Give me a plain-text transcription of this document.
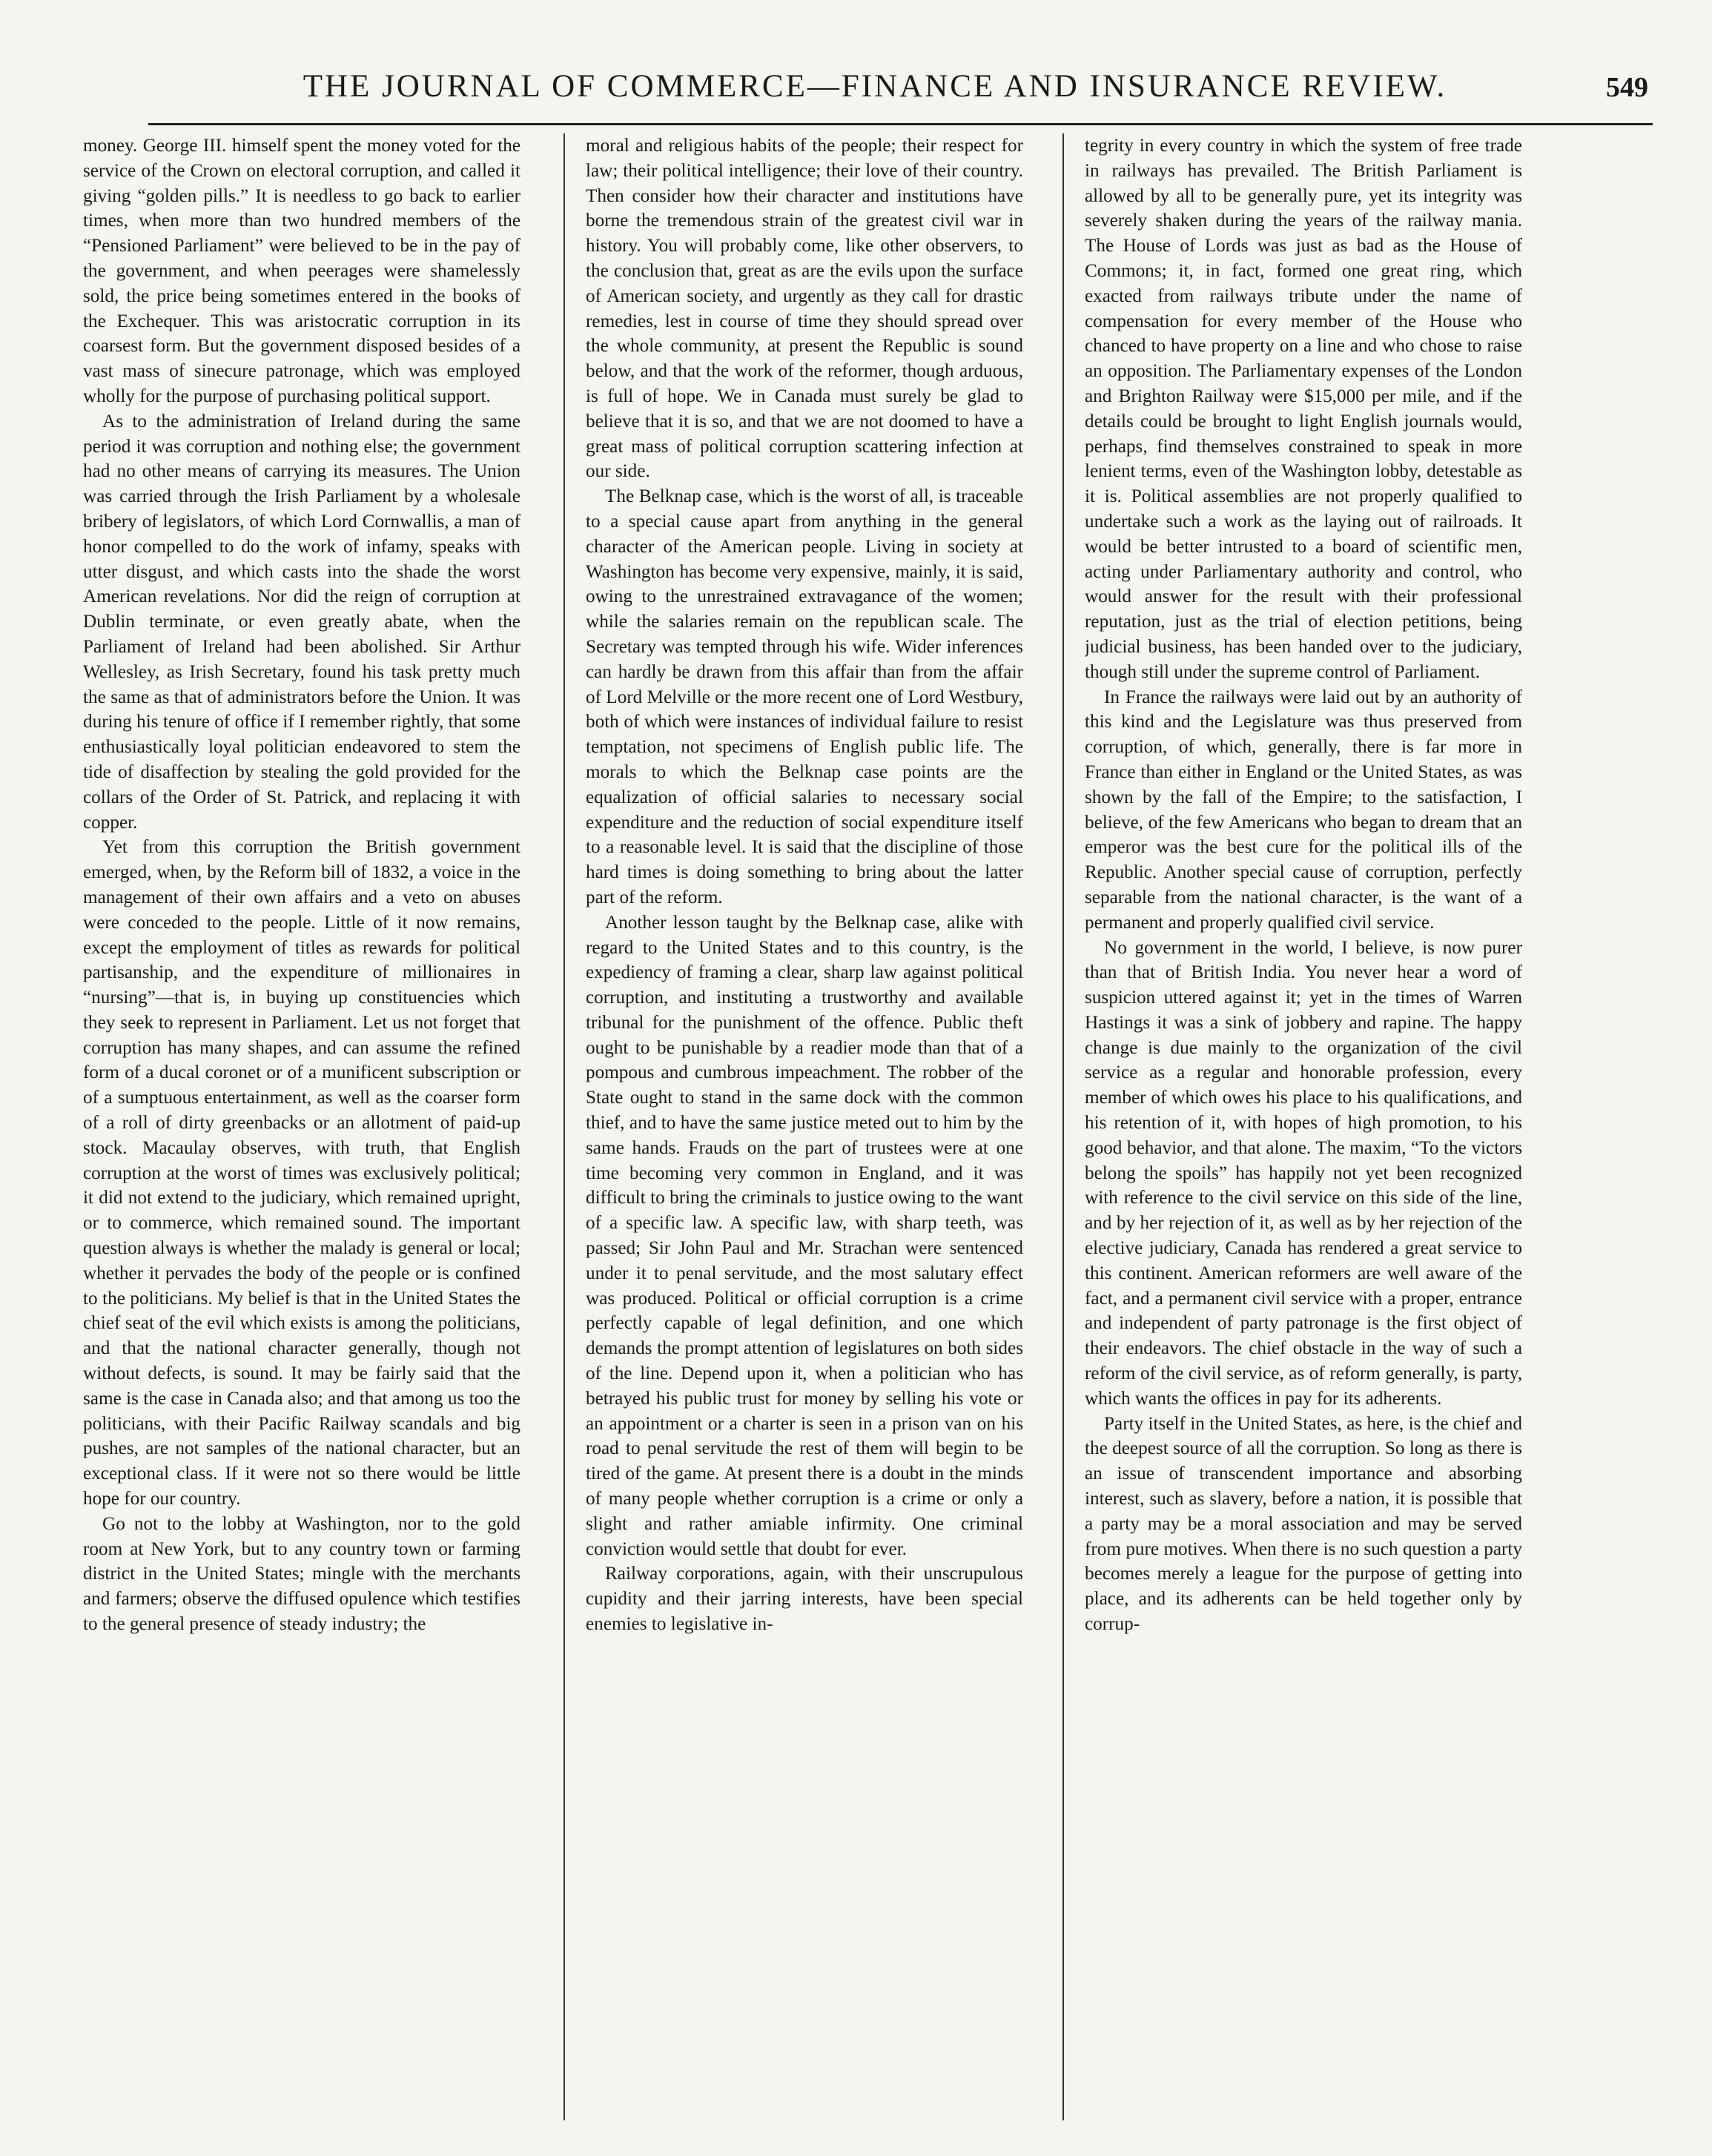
THE JOURNAL OF COMMERCE—FINANCE AND INSURANCE REVIEW.	549

money. George III. himself spent the money voted for the service of the Crown on electoral corruption, and called it giving “golden pills.” It is needless to go back to earlier times, when more than two hundred members of the “Pensioned Parliament” were believed to be in the pay of the government, and when peerages were shamelessly sold, the price being sometimes entered in the books of the Exchequer. This was aristocratic corruption in its coarsest form. But the government disposed besides of a vast mass of sinecure patronage, which was employed wholly for the purpose of purchasing political support.

As to the administration of Ireland during the same period it was corruption and nothing else; the government had no other means of carrying its measures. The Union was carried through the Irish Parliament by a wholesale bribery of legislators, of which Lord Cornwallis, a man of honor compelled to do the work of infamy, speaks with utter disgust, and which casts into the shade the worst American revelations. Nor did the reign of corruption at Dublin terminate, or even greatly abate, when the Parliament of Ireland had been abolished. Sir Arthur Wellesley, as Irish Secretary, found his task pretty much the same as that of administrators before the Union. It was during his tenure of office if I remember rightly, that some enthusiastically loyal politician endeavored to stem the tide of disaffection by stealing the gold provided for the collars of the Order of St. Patrick, and replacing it with copper.

Yet from this corruption the British government emerged, when, by the Reform bill of 1832, a voice in the management of their own affairs and a veto on abuses were conceded to the people. Little of it now remains, except the employment of titles as rewards for political partisanship, and the expenditure of millionaires in “nursing”—that is, in buying up constituencies which they seek to represent in Parliament. Let us not forget that corruption has many shapes, and can assume the refined form of a ducal coronet or of a munificent subscription or of a sumptuous entertainment, as well as the coarser form of a roll of dirty greenbacks or an allotment of paid-up stock. Macaulay observes, with truth, that English corruption at the worst of times was exclusively political; it did not extend to the judiciary, which remained upright, or to commerce, which remained sound. The important question always is whether the malady is general or local; whether it pervades the body of the people or is confined to the politicians. My belief is that in the United States the chief seat of the evil which exists is among the politicians, and that the national character generally, though not without defects, is sound. It may be fairly said that the same is the case in Canada also; and that among us too the politicians, with their Pacific Railway scandals and big pushes, are not samples of the national character, but an exceptional class. If it were not so there would be little hope for our country.

Go not to the lobby at Washington, nor to the gold room at New York, but to any country town or farming district in the United States; mingle with the merchants and farmers; observe the diffused opulence which testifies to the general presence of steady industry; the

moral and religious habits of the people; their respect for law; their political intelligence; their love of their country. Then consider how their character and institutions have borne the tremendous strain of the greatest civil war in history. You will probably come, like other observers, to the conclusion that, great as are the evils upon the surface of American society, and urgently as they call for drastic remedies, lest in course of time they should spread over the whole community, at present the Republic is sound below, and that the work of the reformer, though arduous, is full of hope. We in Canada must surely be glad to believe that it is so, and that we are not doomed to have a great mass of political corruption scattering infection at our side.

The Belknap case, which is the worst of all, is traceable to a special cause apart from anything in the general character of the American people. Living in society at Washington has become very expensive, mainly, it is said, owing to the unrestrained extravagance of the women; while the salaries remain on the republican scale. The Secretary was tempted through his wife. Wider inferences can hardly be drawn from this affair than from the affair of Lord Melville or the more recent one of Lord Westbury, both of which were instances of individual failure to resist temptation, not specimens of English public life. The morals to which the Belknap case points are the equalization of official salaries to necessary social expenditure and the reduction of social expenditure itself to a reasonable level. It is said that the discipline of those hard times is doing something to bring about the latter part of the reform.

Another lesson taught by the Belknap case, alike with regard to the United States and to this country, is the expediency of framing a clear, sharp law against political corruption, and instituting a trustworthy and available tribunal for the punishment of the offence. Public theft ought to be punishable by a readier mode than that of a pompous and cumbrous impeachment. The robber of the State ought to stand in the same dock with the common thief, and to have the same justice meted out to him by the same hands. Frauds on the part of trustees were at one time becoming very common in England, and it was difficult to bring the criminals to justice owing to the want of a specific law. A specific law, with sharp teeth, was passed; Sir John Paul and Mr. Strachan were sentenced under it to penal servitude, and the most salutary effect was produced. Political or official corruption is a crime perfectly capable of legal definition, and one which demands the prompt attention of legislatures on both sides of the line. Depend upon it, when a politician who has betrayed his public trust for money by selling his vote or an appointment or a charter is seen in a prison van on his road to penal servitude the rest of them will begin to be tired of the game. At present there is a doubt in the minds of many people whether corruption is a crime or only a slight and rather amiable infirmity. One criminal conviction would settle that doubt for ever.

Railway corporations, again, with their unscrupulous cupidity and their jarring interests, have been special enemies to legislative in-

tegrity in every country in which the system of free trade in railways has prevailed. The British Parliament is allowed by all to be generally pure, yet its integrity was severely shaken during the years of the railway mania. The House of Lords was just as bad as the House of Commons; it, in fact, formed one great ring, which exacted from railways tribute under the name of compensation for every member of the House who chanced to have property on a line and who chose to raise an opposition. The Parliamentary expenses of the London and Brighton Railway were $15,000 per mile, and if the details could be brought to light English journals would, perhaps, find themselves constrained to speak in more lenient terms, even of the Washington lobby, detestable as it is. Political assemblies are not properly qualified to undertake such a work as the laying out of railroads. It would be better intrusted to a board of scientific men, acting under Parliamentary authority and control, who would answer for the result with their professional reputation, just as the trial of election petitions, being judicial business, has been handed over to the judiciary, though still under the supreme control of Parliament.

In France the railways were laid out by an authority of this kind and the Legislature was thus preserved from corruption, of which, generally, there is far more in France than either in England or the United States, as was shown by the fall of the Empire; to the satisfaction, I believe, of the few Americans who began to dream that an emperor was the best cure for the political ills of the Republic. Another special cause of corruption, perfectly separable from the national character, is the want of a permanent and properly qualified civil service.

No government in the world, I believe, is now purer than that of British India. You never hear a word of suspicion uttered against it; yet in the times of Warren Hastings it was a sink of jobbery and rapine. The happy change is due mainly to the organization of the civil service as a regular and honorable profession, every member of which owes his place to his qualifications, and his retention of it, with hopes of high promotion, to his good behavior, and that alone. The maxim, “To the victors belong the spoils” has happily not yet been recognized with reference to the civil service on this side of the line, and by her rejection of it, as well as by her rejection of the elective judiciary, Canada has rendered a great service to this continent. American reformers are well aware of the fact, and a permanent civil service with a proper, entrance and independent of party patronage is the first object of their endeavors. The chief obstacle in the way of such a reform of the civil service, as of reform generally, is party, which wants the offices in pay for its adherents.

Party itself in the United States, as here, is the chief and the deepest source of all the corruption. So long as there is an issue of transcendent importance and absorbing interest, such as slavery, before a nation, it is possible that a party may be a moral association and may be served from pure motives. When there is no such question a party becomes merely a league for the purpose of getting into place, and its adherents can be held together only by corrup-
